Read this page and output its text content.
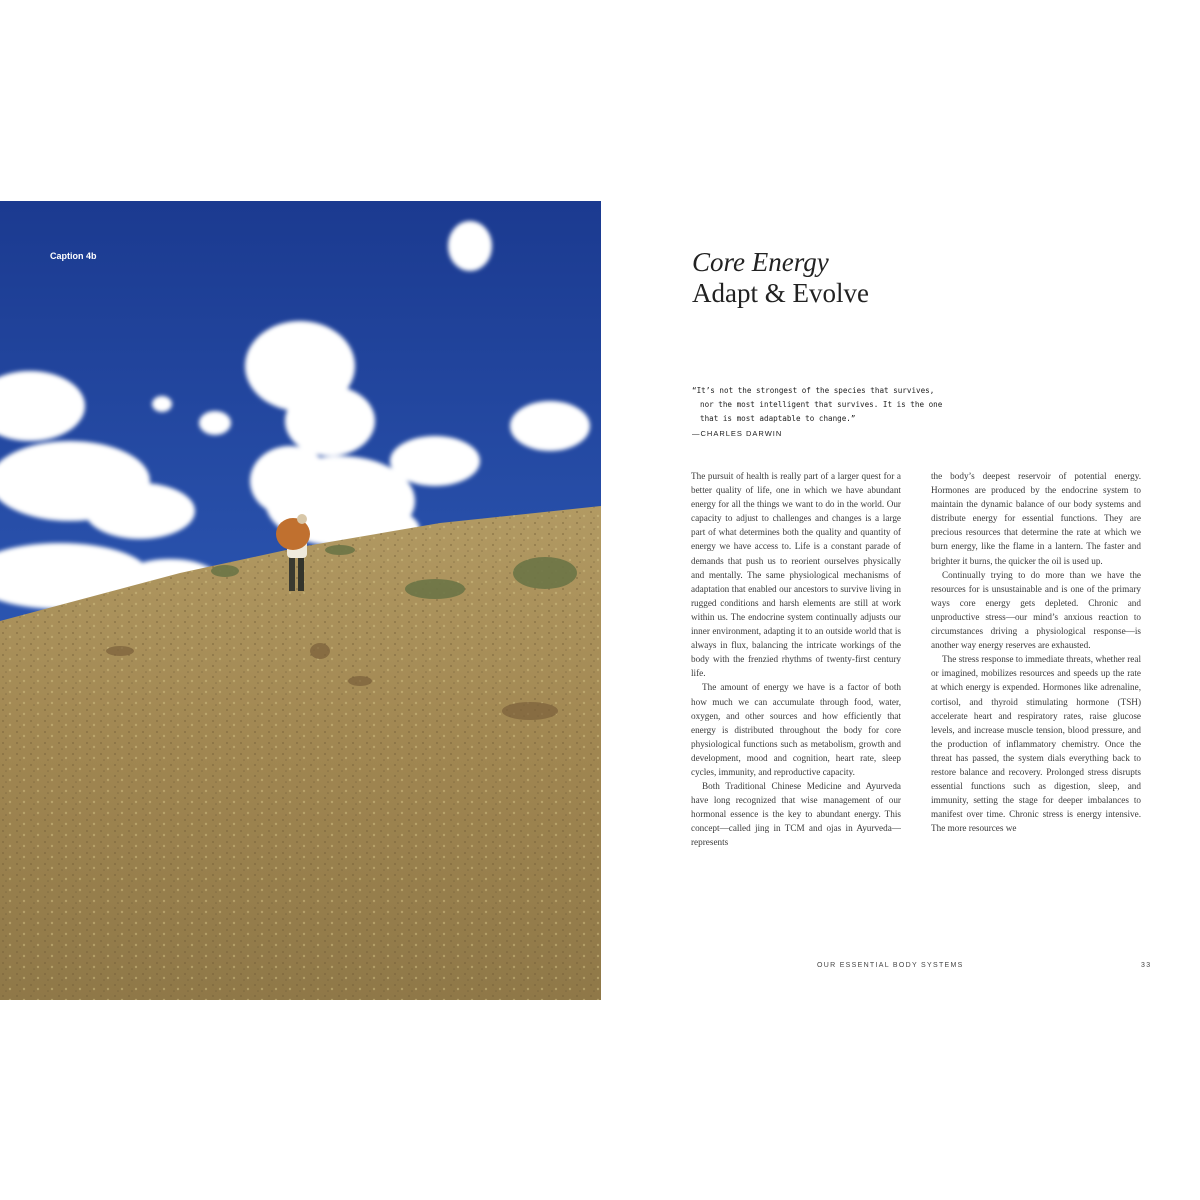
Caption 4b	Core Energy
Adapt & Evolve
“It’s not the strongest of the species that survives,
nor the most intelligent that survives. It is the one
that is most adaptable to change.”
—CHARLES DARWIN

The pursuit of health is really part of a larger quest for a better quality of life, one in which we have abundant energy for all the things we want to do in the world. Our capacity to adjust to challenges and changes is a large part of what determines both the quality and quantity of energy we have access to. Life is a constant parade of demands that push us to reorient ourselves physically and mentally. The same physiological mechanisms of adaptation that enabled our ancestors to survive living in rugged conditions and harsh elements are still at work within us. The endocrine system continually adjusts our inner environment, adapting it to an outside world that is always in flux, balancing the intricate workings of the body with the frenzied rhythms of twenty-first century life.

The amount of energy we have is a factor of both how much we can accumulate through food, water, oxygen, and other sources and how efficiently that energy is distributed throughout the body for core physiological functions such as metabolism, growth and development, mood and cognition, heart rate, sleep cycles, immunity, and reproductive capacity.

Both Traditional Chinese Medicine and Ayurveda have long recognized that wise management of our hormonal essence is the key to abundant energy. This concept—called jing in TCM and ojas in Ayurveda—represents

the body’s deepest reservoir of potential energy. Hormones are produced by the endocrine system to maintain the dynamic balance of our body systems and distribute energy for essential functions. They are precious resources that determine the rate at which we burn energy, like the flame in a lantern. The faster and brighter it burns, the quicker the oil is used up.

Continually trying to do more than we have the resources for is unsustainable and is one of the primary ways core energy gets depleted. Chronic and unproductive stress—our mind’s anxious reaction to circumstances driving a physiological response—is another way energy reserves are exhausted.

The stress response to immediate threats, whether real or imagined, mobilizes resources and speeds up the rate at which energy is expended. Hormones like adrenaline, cortisol, and thyroid stimulating hormone (TSH) accelerate heart and respiratory rates, raise glucose levels, and increase muscle tension, blood pressure, and the production of inflammatory chemistry. Once the threat has passed, the system dials everything back to restore balance and recovery. Prolonged stress disrupts essential functions such as digestion, sleep, and immunity, setting the stage for deeper imbalances to manifest over time. Chronic stress is energy intensive. The more resources we

OUR ESSENTIAL BODY SYSTEMS	33
